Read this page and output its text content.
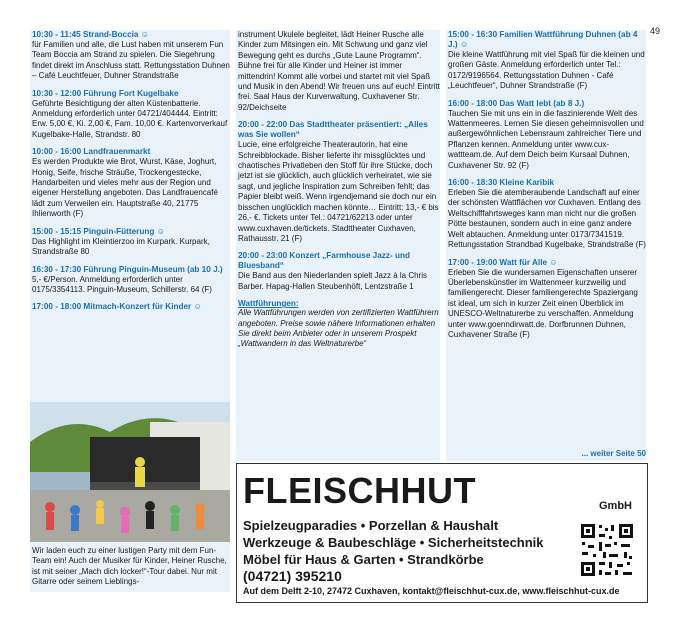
49
10:30 - 11:45 Strand-Boccia ☺

für Familien und alle, die Lust haben mit unserem Fun Team Boccia am Strand zu spielen. Die Siegehrung findet direkt im Anschluss statt. Rettungsstation Duhnen – Café Leuchtfeuer, Duhner Strandstraße

10:30 - 12:00 Führung Fort Kugelbake

Geführte Besichtigung der alten Küstenbatterie. Anmeldung erforderlich unter 04721/404444. Eintritt: Erw. 5,00 €, Ki. 2,00 €, Fam. 10,00 €. Kartenvorverkauf Kugelbake-Halle, Strandstr. 80

10:00 - 16:00 Landfrauenmarkt

Es werden Produkte wie Brot, Wurst, Käse, Joghurt, Honig, Seife, frische Sträuße, Trockengestecke, Handarbeiten und vieles mehr aus der Region und eigener Herstellung angeboten. Das Landfrauencafé lädt zum Verweilen ein. Hauptstraße 40, 21775 Ihlienworth (F)

15:00 - 15:15 Pinguin-Fütterung ☺

Das Highlight im Kleintierzoo im Kurpark. Kurpark, Strandstraße 80

16:30 - 17:30 Führung Pinguin-Museum (ab 10 J.)

5,- €/Person. Anmeldung erforderlich unter 0175/3354113. Pinguin-Museum, Schillerstr. 64 (F)

17:00 - 18:00 Mitmach-Konzert für Kinder ☺
Wir laden euch zu einer lustigen Party mit dem Fun-Team ein! Auch der Musiker für Kinder, Heiner Rusche, ist mit seiner „Mach dich locker!“-Tour dabei. Nur mit Gitarre oder seinem Lieblings-

instrument Ukulele begleitet, lädt Heiner Rusche alle Kinder zum Mitsingen ein. Mit Schwung und ganz viel Bewegung geht es durchs „Gute Laune Programm“. Bühne frei für alle Kinder und Heiner ist immer mittendrin! Kommt alle vorbei und startet mit viel Spaß und Musik in den Abend! Wir freuen uns auf euch! Eintritt frei. Saal Haus der Kurverwaltung, Cuxhavener Str. 92/Deichseite

20:00 - 22:00 Das Stadttheater präsentiert: „Alles was Sie wollen“

Lucie, eine erfolgreiche Theaterautorin, hat eine Schreibblockade. Bisher lieferte ihr missglücktes und chaotisches Privatleben den Stoff für ihre Stücke, doch jetzt ist sie glücklich, auch glücklich verheiratet, wie sie sagt, und jegliche Inspiration zum Schreiben fehlt; das Papier bleibt weiß. Wenn irgendjemand sie doch nur ein bisschen unglücklich machen könnte… Eintritt: 13,- € bis 26,- €. Tickets unter Tel.: 04721/62213 oder unter www.cuxhaven.de/tickets. Stadttheater Cuxhaven, Rathausstr. 21 (F)

20:00 - 23:00 Konzert „Farmhouse Jazz- und Bluesband“

Die Band aus den Niederlanden spielt Jazz à la Chris Barber. Hapag-Hallen Steubenhöft, Lentzstraße 1

Wattführungen:

Alle Wattführungen werden von zertifizierten Wattführern angeboten. Preise sowie nähere Informationen erhalten Sie direkt beim Anbieter oder in unserem Prospekt „Wattwandern in das Weltnaturerbe“

15:00 - 16:30 Familien Wattführung Duhnen (ab 4 J.) ☺

Die kleine Wattführung mit viel Spaß für die kleinen und großen Gäste. Anmeldung erforderlich unter Tel.: 0172/9196564. Rettungsstation Duhnen - Café „Leuchtfeuer“, Duhner Strandstraße (F)

16:00 - 18:00 Das Watt lebt (ab 8 J.)

Tauchen Sie mit uns ein in die faszinierende Welt des Wattenmeeres. Lernen Sie diesen geheimnisvollen und außergewöhnlichen Lebensraum zahlreicher Tiere und Pflanzen kennen. Anmeldung unter www.cux-wattteam.de. Auf dem Deich beim Kursaal Duhnen, Cuxhavener Str. 92 (F)

16:00 - 18:30 Kleine Karibik

Erleben Sie die atemberaubende Landschaft auf einer der schönsten Wattflächen vor Cuxhaven. Entlang des Weltschifffahrtsweges kann man nicht nur die großen Pötte bestaunen, sondern auch in eine ganz andere Welt abtauchen. Anmeldung unter 0173/7341519. Rettungsstation Strandbad Kugelbake, Strandstraße (F)

17:00 - 19:00 Watt für Alle ☺

Erleben Sie die wundersamen Eigenschaften unserer Überlebenskünstler im Wattenmeer kurzweilig und familiengerecht. Dieser familiengerechte Spaziergang ist ideal, um sich in kurzer Zeit einen Überblick im UNESCO-Weltnaturerbe zu verschaffen. Anmeldung unter www.goenndirwatt.de. Dorfbrunnen Duhnen, Cuxhavener Straße (F)

... weiter Seite 50
FLEISCHHUT	GmbH
Spielzeugparadies • Porzellan & Haushalt
Werkzeuge & Baubeschläge • Sicherheitstechnik
Möbel für Haus & Garten • Strandkörbe
(04721) 395210
Auf dem Delft 2-10, 27472 Cuxhaven, kontakt@fleischhut-cux.de, www.fleischhut-cux.de
